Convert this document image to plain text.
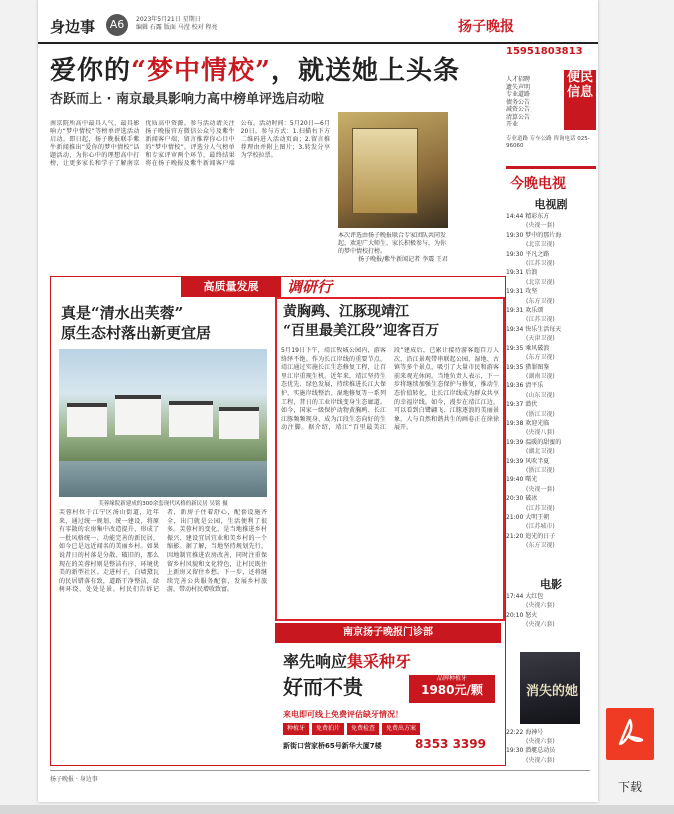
身边事	A6	2023年5月21日 星期日
编辑 石露 版面 马滢 校对 程亮	扬子晚报
爱你的“梦中情校”，就送她上头条
杏跃而上 · 南京最具影响力高中榜单评选启动啦
南京院所高中最具人气、最具影响力“梦中情校”等榜单评选活动启动。即日起，扬子晚报联手紫牛新闻推出“爱你的梦中情校”话题活动，为你心中的理想高中打榜，让更多家长和学子了解南京优质高中资源。参与活动请关注扬子晚报官方微信公众号及紫牛新闻客户端，留言推荐你心目中的“梦中情校”。评选分人气榜单和专家评审两个环节，最终结果将在扬子晚报及紫牛新闻客户端公布。活动时间：5月20日—6月20日。参与方式：1.扫描右下方二维码进入活动页面；2.留言推荐理由并附上图片；3.转发分享为学校拉票。
本次评选由扬子晚报联合专家团队共同发起，欢迎广大师生、家长积极参与，为你的梦中情校打榜。
扬子晚报/紫牛新闻记者 李震 王君
15951803813
人才招聘
遗失声明
专业道路
债务公告
减资公告
清算公告
开业
便民信息
专业道路 专车公路 咨询电话 025-96060
今晚电视
电视剧
14:44 精彩东方
(央视一套)
19:30 梦中的那片海
(北京卫视)
19:30 平凡之路
(江苏卫视)
19:31 后浪
(北京卫视)
19:31 攻坚
(东方卫视)
19:31 欢乐颂
(江苏卫视)
19:34 快乐生活每天
(天津卫视)
19:35 乘风破浪
(东方卫视)
19:35 猎罪图鉴
(湖南卫视)
19:36 清平乐
(山东卫视)
19:37 潜伏
(浙江卫视)
19:38 欢迎光临
(央视八套)
19:39 温暖的甜蜜的
(湖北卫视)
19:39 风吹半夏
(浙江卫视)
19:40 曙光
(央视一套)
20:30 破冰
(江苏卫视)
21:00 大明王朝
(江苏城市)
21:20 追光的日子
(东方卫视)
电影
17:44 大红包
(央视六套)
20:10 怒火
(央视六套)
消失的她
22:22 海神号
(央视六套)
19:30 潜艇总动员
(央视六套)
高质量发展	调研行
真是“清水出芙蓉”
原生态村落出新更宜居
芙蓉缘院新建成的300余套现代风格的新民居 吴铭 摄
芙蓉村位于江宁区汤山街道，近年来，通过统一规划、统一建设，将原有零散的农房集中改造提升，形成了一批风格统一、功能完善的新民居，如今已是远近闻名的美丽乡村。如果说昔日的村落是分散、破旧的，那么现在的芙蓉村则是整洁有序、环境优美的新型社区。走进村子，白墙黛瓦的民居错落有致，道路干净整洁，绿树环绕，处处是景。村民们告诉记者，新房子住着舒心，配套设施齐全，出门就是公园，生活便利了很多。芙蓉村的变化，是当地推进乡村振兴、建设宜居宜业和美乡村的一个缩影。据了解，当地坚持规划先行，因地制宜推进农房改善，同时注重保留乡村风貌和文化特色，让村民既住上新房又留住乡愁。下一步，还将继续完善公共服务配套，发展乡村旅游，带动村民增收致富。
黄胸鹀、江豚现靖江
“百里最美江段”迎客百万
5月19日下午，靖江牧城公园内，游客络绎不绝。作为长江岸线的重要节点，靖江通过实施长江生态修复工程，让百里江岸重现生机。近年来，靖江坚持生态优先、绿色发展，持续推进长江大保护，实施岸线整治、湿地修复等一系列工程，昔日的工业岸线变身生态廊道。如今，国家一级保护动物黄胸鹀、长江江豚频频现身，成为江段生态向好的生动注脚。据介绍，靖江“百里最美江段”建成后，已累计接待游客超百万人次，沿江景观带串联起公园、湿地、古镇等多个景点，吸引了大量市民和游客前来观光休闲。当地负责人表示，下一步将继续加强生态保护与修复，推动生态价值转化，让长江岸线成为群众共享的幸福岸线。如今，漫步在靖江江边，可以看到白鹭翩飞、江豚逐浪的美丽景象，人与自然和谐共生的画卷正在徐徐展开。
南京扬子晚报门诊部
率先响应集采种牙
好而不贵	品牌种植牙
1980元/颗
来电即可线上免费评估缺牙情况！
种植牙 免费拍片 免费检查 免费出方案
新街口营家桥65号新华大厦7楼	8353 3399
扬子晚报 · 身边事
下载
